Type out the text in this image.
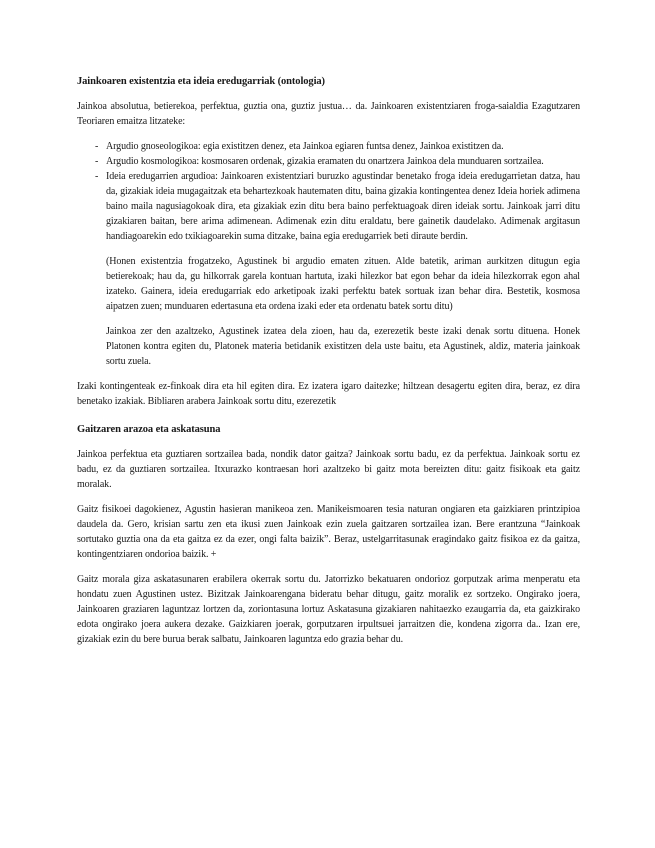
Jainkoaren existentzia eta ideia eredugarriak (ontologia)

Jainkoa absolutua, betierekoa, perfektua, guztia ona, guztiz justua… da. Jainkoaren existentziaren froga-saialdia Ezagutzaren Teoriaren emaitza litzateke:

- Argudio gnoseologikoa: egia existitzen denez, eta Jainkoa egiaren funtsa denez, Jainkoa existitzen da.
- Argudio kosmologikoa: kosmosaren ordenak, gizakia eramaten du onartzera Jainkoa dela munduaren sortzailea.
- Ideia eredugarrien argudioa: Jainkoaren existentziari buruzko agustindar benetako froga ideia eredugarrietan datza, hau da, gizakiak ideia mugagaitzak eta behartezkoak hautematen ditu, baina gizakia kontingentea denez Ideia horiek adimena baino maila nagusiagokoak dira, eta gizakiak ezin ditu bera baino perfektuagoak diren ideiak sortu. Jainkoak jarri ditu gizakiaren baitan, bere arima adimenean. Adimenak ezin ditu eraldatu, bere gainetik daudelako. Adimenak argitasun handiagoarekin edo txikiagoarekin suma ditzake, baina egia eredugarriek beti diraute berdin.

(Honen existentzia frogatzeko, Agustinek bi argudio ematen zituen. Alde batetik, ariman aurkitzen ditugun egia betierekoak; hau da, gu hilkorrak garela kontuan hartuta, izaki hilezkor bat egon behar da ideia hilezkorrak egon ahal izateko. Gainera, ideia eredugarriak edo arketipoak izaki perfektu batek sortuak izan behar dira. Bestetik, kosmosa aipatzen zuen; munduaren edertasuna eta ordena izaki eder eta ordenatu batek sortu ditu)

Jainkoa zer den azaltzeko, Agustinek izatea dela zioen, hau da, ezerezetik beste izaki denak sortu dituena. Honek Platonen kontra egiten du, Platonek materia betidanik existitzen dela uste baitu, eta Agustinek, aldiz, materia jainkoak sortu zuela.

Izaki kontingenteak ez-finkoak dira eta hil egiten dira. Ez izatera igaro daitezke; hiltzean desagertu egiten dira, beraz, ez dira benetako izakiak. Bibliaren arabera Jainkoak sortu ditu, ezerezetik

Gaitzaren arazoa eta askatasuna

Jainkoa perfektua eta guztiaren sortzailea bada, nondik dator gaitza? Jainkoak sortu badu, ez da perfektua. Jainkoak sortu ez badu, ez da guztiaren sortzailea. Itxurazko kontraesan hori azaltzeko bi gaitz mota bereizten ditu: gaitz fisikoak eta gaitz moralak.

Gaitz fisikoei dagokienez, Agustin hasieran manikeoa zen. Manikeismoaren tesia naturan ongiaren eta gaizkiaren printzipioa daudela da. Gero, krisian sartu zen eta ikusi zuen Jainkoak ezin zuela gaitzaren sortzailea izan. Bere erantzuna “Jainkoak sortutako guztia ona da eta gaitza ez da ezer, ongi falta baizik”. Beraz, ustelgarritasunak eragindako gaitz fisikoa ez da gaitza, kontingentziaren ondorioa baizik. +

Gaitz morala giza askatasunaren erabilera okerrak sortu du. Jatorrizko bekatuaren ondorioz gorputzak arima menperatu eta hondatu zuen Agustinen ustez. Bizitzak Jainkoarengana bideratu behar ditugu, gaitz moralik ez sortzeko. Ongirako joera, Jainkoaren graziaren laguntzaz lortzen da, zoriontasuna lortuz Askatasuna gizakiaren nahitaezko ezaugarria da, eta gaizkirako edota ongirako joera aukera dezake. Gaizkiaren joerak, gorputzaren irpultsuei jarraitzen die, kondena zigorra da.. Izan ere, gizakiak ezin du bere burua berak salbatu, Jainkoaren laguntza edo grazia behar du.
